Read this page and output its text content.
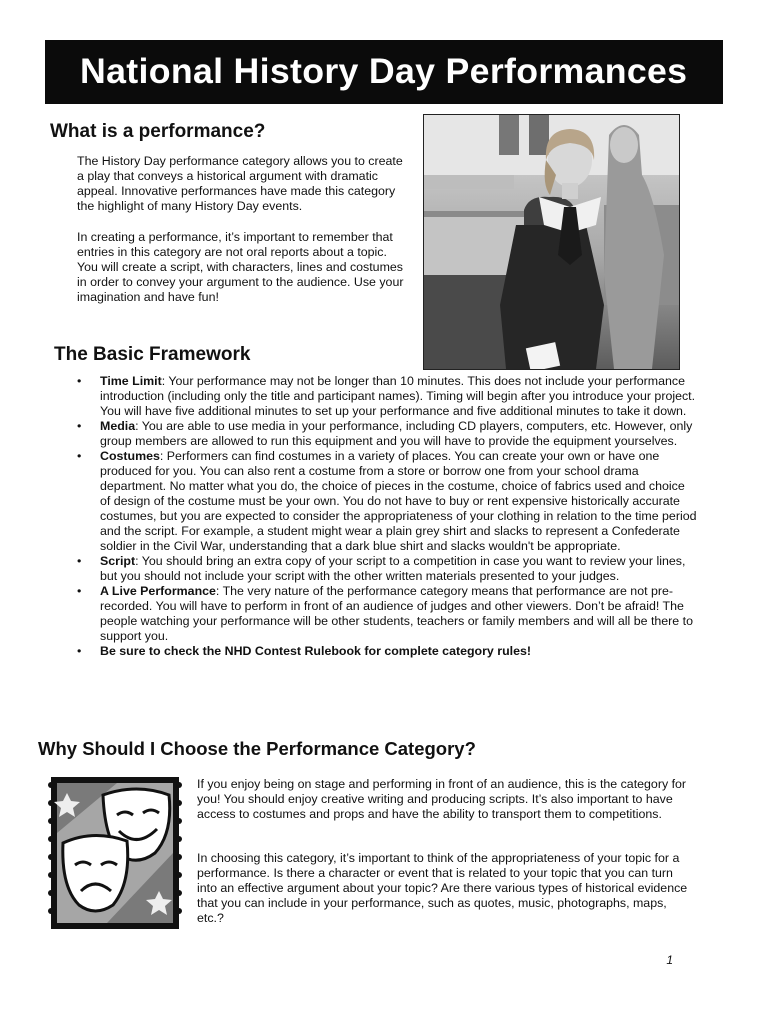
National History Day Performances
What is a performance?

The History Day performance category allows you to create a play that conveys a historical argument with dramatic appeal. Innovative performances have made this category the highlight of many History Day events.

In creating a performance, it’s important to remember that entries in this category are not oral reports about a topic. You will create a script, with characters, lines and costumes in order to convey your argument to the audience. Use your imagination and have fun!

The Basic Framework
• Time Limit: Your performance may not be longer than 10 minutes. This does not include your performance introduction (including only the title and participant names). Timing will begin after you introduce your project. You will have five additional minutes to set up your performance and five additional minutes to take it down.
• Media: You are able to use media in your performance, including CD players, computers, etc. However, only group members are allowed to run this equipment and you will have to provide the equipment yourselves.
• Costumes: Performers can find costumes in a variety of places. You can create your own or have one produced for you. You can also rent a costume from a store or borrow one from your school drama department. No matter what you do, the choice of pieces in the costume, choice of fabrics used and choice of design of the costume must be your own. You do not have to buy or rent expensive historically accurate costumes, but you are expected to consider the appropriateness of your clothing in relation to the time period and the script. For example, a student might wear a plain grey shirt and slacks to represent a Confederate soldier in the Civil War, understanding that a dark blue shirt and slacks wouldn't be appropriate.
• Script: You should bring an extra copy of your script to a competition in case you want to review your lines, but you should not include your script with the other written materials presented to your judges.
• A Live Performance: The very nature of the performance category means that performance are not pre-recorded. You will have to perform in front of an audience of judges and other viewers. Don’t be afraid! The people watching your performance will be other students, teachers or family members and will all be there to support you.
• Be sure to check the NHD Contest Rulebook for complete category rules!
Why Should I Choose the Performance Category?

If you enjoy being on stage and performing in front of an audience, this is the category for you! You should enjoy creative writing and producing scripts. It’s also important to have access to costumes and props and have the ability to transport them to competitions.

In choosing this category, it’s important to think of the appropriateness of your topic for a performance. Is there a character or event that is related to your topic that you can turn into an effective argument about your topic? Are there various types of historical evidence that you can include in your performance, such as quotes, music, photographs, maps, etc.?

1
